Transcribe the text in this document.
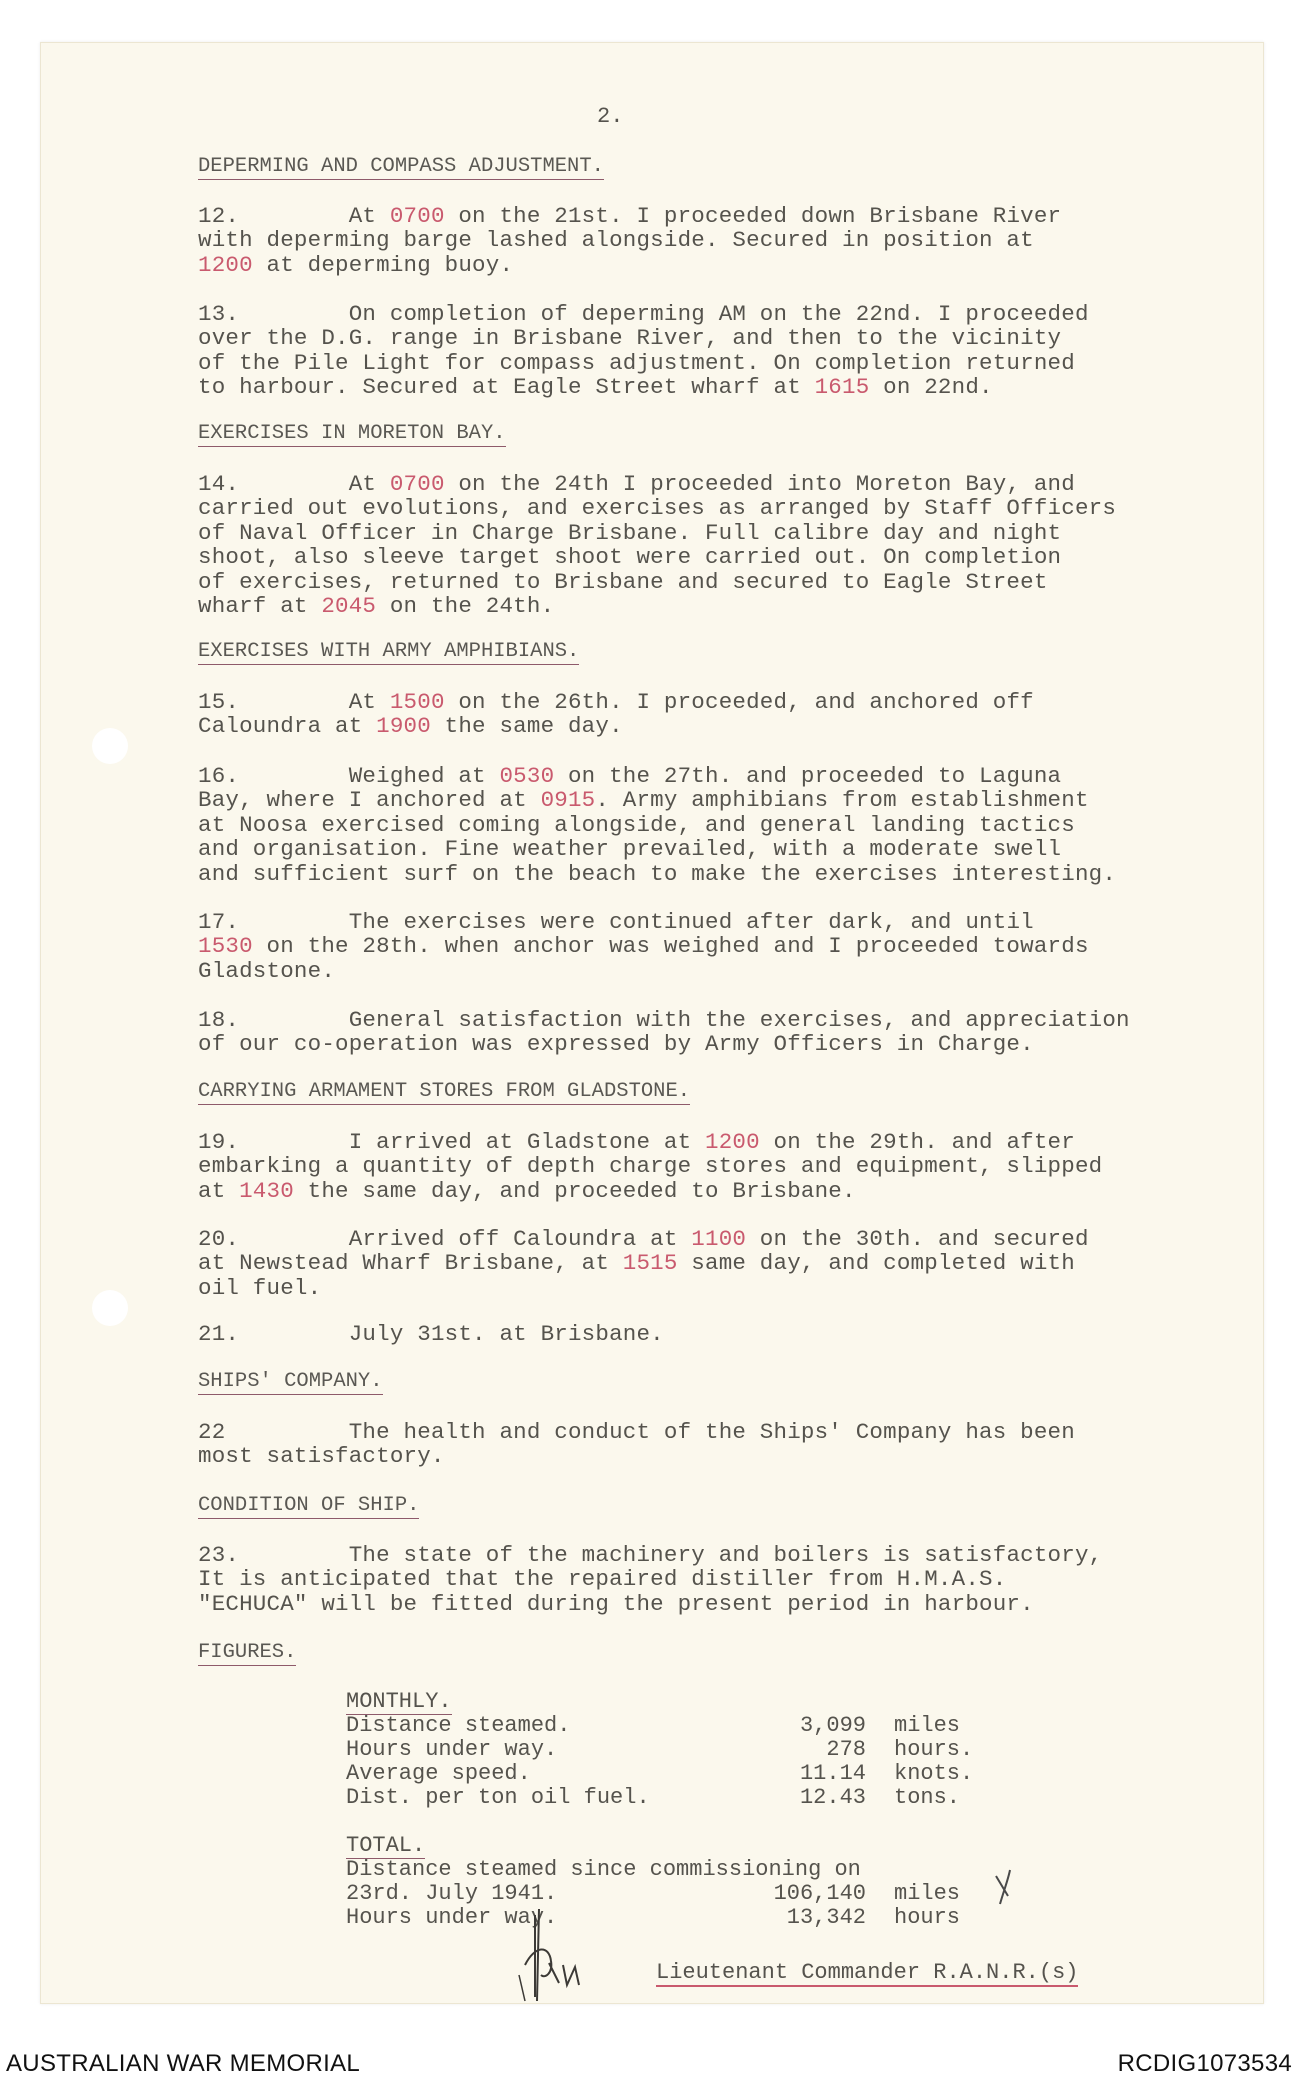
2.
DEPERMING AND COMPASS ADJUSTMENT.
12.	At 0700 on the 21st. I proceeded down Brisbane River
with deperming barge lashed alongside. Secured in position at
1200 at deperming buoy.
13.	On completion of deperming AM on the 22nd. I proceeded
over the D.G. range in Brisbane River, and then to the vicinity
of the Pile Light for compass adjustment. On completion returned
to harbour. Secured at Eagle Street wharf at 1615 on 22nd.
EXERCISES IN MORETON BAY.
14.	At 0700 on the 24th I proceeded into Moreton Bay, and
carried out evolutions, and exercises as arranged by Staff Officers
of Naval Officer in Charge Brisbane. Full calibre day and night
shoot, also sleeve target shoot were carried out. On completion
of exercises, returned to Brisbane and secured to Eagle Street
wharf at 2045 on the 24th.
EXERCISES WITH ARMY AMPHIBIANS.
15.	At 1500 on the 26th. I proceeded, and anchored off
Caloundra at 1900 the same day.
16.	Weighed at 0530 on the 27th. and proceeded to Laguna
Bay, where I anchored at 0915. Army amphibians from establishment
at Noosa exercised coming alongside, and general landing tactics
and organisation. Fine weather prevailed, with a moderate swell
and sufficient surf on the beach to make the exercises interesting.
17.	The exercises were continued after dark, and until
1530 on the 28th. when anchor was weighed and I proceeded towards
Gladstone.
18.	General satisfaction with the exercises, and appreciation
of our co-operation was expressed by Army Officers in Charge.
CARRYING ARMAMENT STORES FROM GLADSTONE.
19.	I arrived at Gladstone at 1200 on the 29th. and after
embarking a quantity of depth charge stores and equipment, slipped
at 1430 the same day, and proceeded to Brisbane.
20.	Arrived off Caloundra at 1100 on the 30th. and secured
at Newstead Wharf Brisbane, at 1515 same day, and completed with
oil fuel.
21.	July 31st. at Brisbane.
SHIPS' COMPANY.
22	The health and conduct of the Ships' Company has been
most satisfactory.
CONDITION OF SHIP.
23.	The state of the machinery and boilers is satisfactory,
It is anticipated that the repaired distiller from H.M.A.S.
"ECHUCA" will be fitted during the present period in harbour.
FIGURES.
MONTHLY.
Distance steamed.	3,099 miles
Hours under way.	278 hours.
Average speed.	11.14 knots.
Dist. per ton oil fuel.	12.43 tons.
TOTAL.
Distance steamed since commissioning on
23rd. July 1941.	106,140 miles
Hours under way.	13,342 hours
Lieutenant Commander R.A.N.R.(s)
AUSTRALIAN WAR MEMORIAL	RCDIG1073534
